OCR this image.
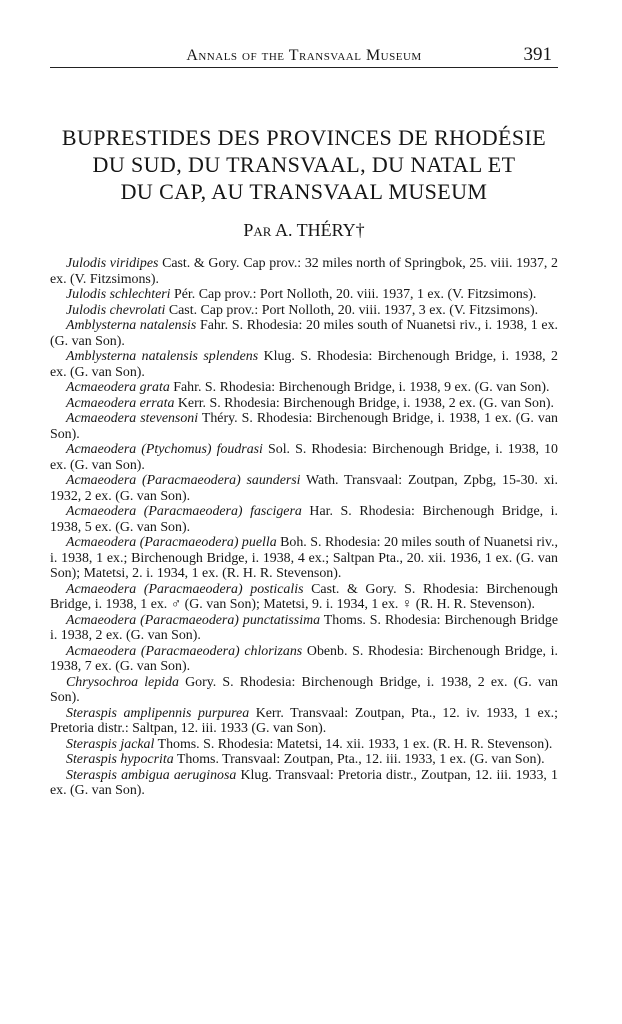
Annals of the Transvaal Museum	391
BUPRESTIDES DES PROVINCES DE RHODÉSIE
DU SUD, DU TRANSVAAL, DU NATAL ET
DU CAP, AU TRANSVAAL MUSEUM
Par A. THÉRY†
Julodis viridipes Cast. & Gory. Cap prov.: 32 miles north of Springbok, 25. viii. 1937, 2 ex. (V. Fitzsimons).
Julodis schlechteri Pér. Cap prov.: Port Nolloth, 20. viii. 1937, 1 ex. (V. Fitzsimons).
Julodis chevrolati Cast. Cap prov.: Port Nolloth, 20. viii. 1937, 3 ex. (V. Fitzsimons).
Amblysterna natalensis Fahr. S. Rhodesia: 20 miles south of Nuanetsi riv., i. 1938, 1 ex. (G. van Son).
Amblysterna natalensis splendens Klug. S. Rhodesia: Birchenough Bridge, i. 1938, 2 ex. (G. van Son).
Acmaeodera grata Fahr. S. Rhodesia: Birchenough Bridge, i. 1938, 9 ex. (G. van Son).
Acmaeodera errata Kerr. S. Rhodesia: Birchenough Bridge, i. 1938, 2 ex. (G. van Son).
Acmaeodera stevensoni Théry. S. Rhodesia: Birchenough Bridge, i. 1938, 1 ex. (G. van Son).
Acmaeodera (Ptychomus) foudrasi Sol. S. Rhodesia: Birchenough Bridge, i. 1938, 10 ex. (G. van Son).
Acmaeodera (Paracmaeodera) saundersi Wath. Transvaal: Zoutpan, Zpbg, 15-30. xi. 1932, 2 ex. (G. van Son).
Acmaeodera (Paracmaeodera) fascigera Har. S. Rhodesia: Birchenough Bridge, i. 1938, 5 ex. (G. van Son).
Acmaeodera (Paracmaeodera) puella Boh. S. Rhodesia: 20 miles south of Nuanetsi riv., i. 1938, 1 ex.; Birchenough Bridge, i. 1938, 4 ex.; Saltpan Pta., 20. xii. 1936, 1 ex. (G. van Son); Matetsi, 2. i. 1934, 1 ex. (R. H. R. Stevenson).
Acmaeodera (Paracmaeodera) posticalis Cast. & Gory. S. Rhodesia: Birchenough Bridge, i. 1938, 1 ex. ♂ (G. van Son); Matetsi, 9. i. 1934, 1 ex. ♀ (R. H. R. Stevenson).
Acmaeodera (Paracmaeodera) punctatissima Thoms. S. Rhodesia: Birchenough Bridge i. 1938, 2 ex. (G. van Son).
Acmaeodera (Paracmaeodera) chlorizans Obenb. S. Rhodesia: Birchenough Bridge, i. 1938, 7 ex. (G. van Son).
Chrysochroa lepida Gory. S. Rhodesia: Birchenough Bridge, i. 1938, 2 ex. (G. van Son).
Steraspis amplipennis purpurea Kerr. Transvaal: Zoutpan, Pta., 12. iv. 1933, 1 ex.; Pretoria distr.: Saltpan, 12. iii. 1933 (G. van Son).
Steraspis jackal Thoms. S. Rhodesia: Matetsi, 14. xii. 1933, 1 ex. (R. H. R. Stevenson).
Steraspis hypocrita Thoms. Transvaal: Zoutpan, Pta., 12. iii. 1933, 1 ex. (G. van Son).
Steraspis ambigua aeruginosa Klug. Transvaal: Pretoria distr., Zoutpan, 12. iii. 1933, 1 ex. (G. van Son).
